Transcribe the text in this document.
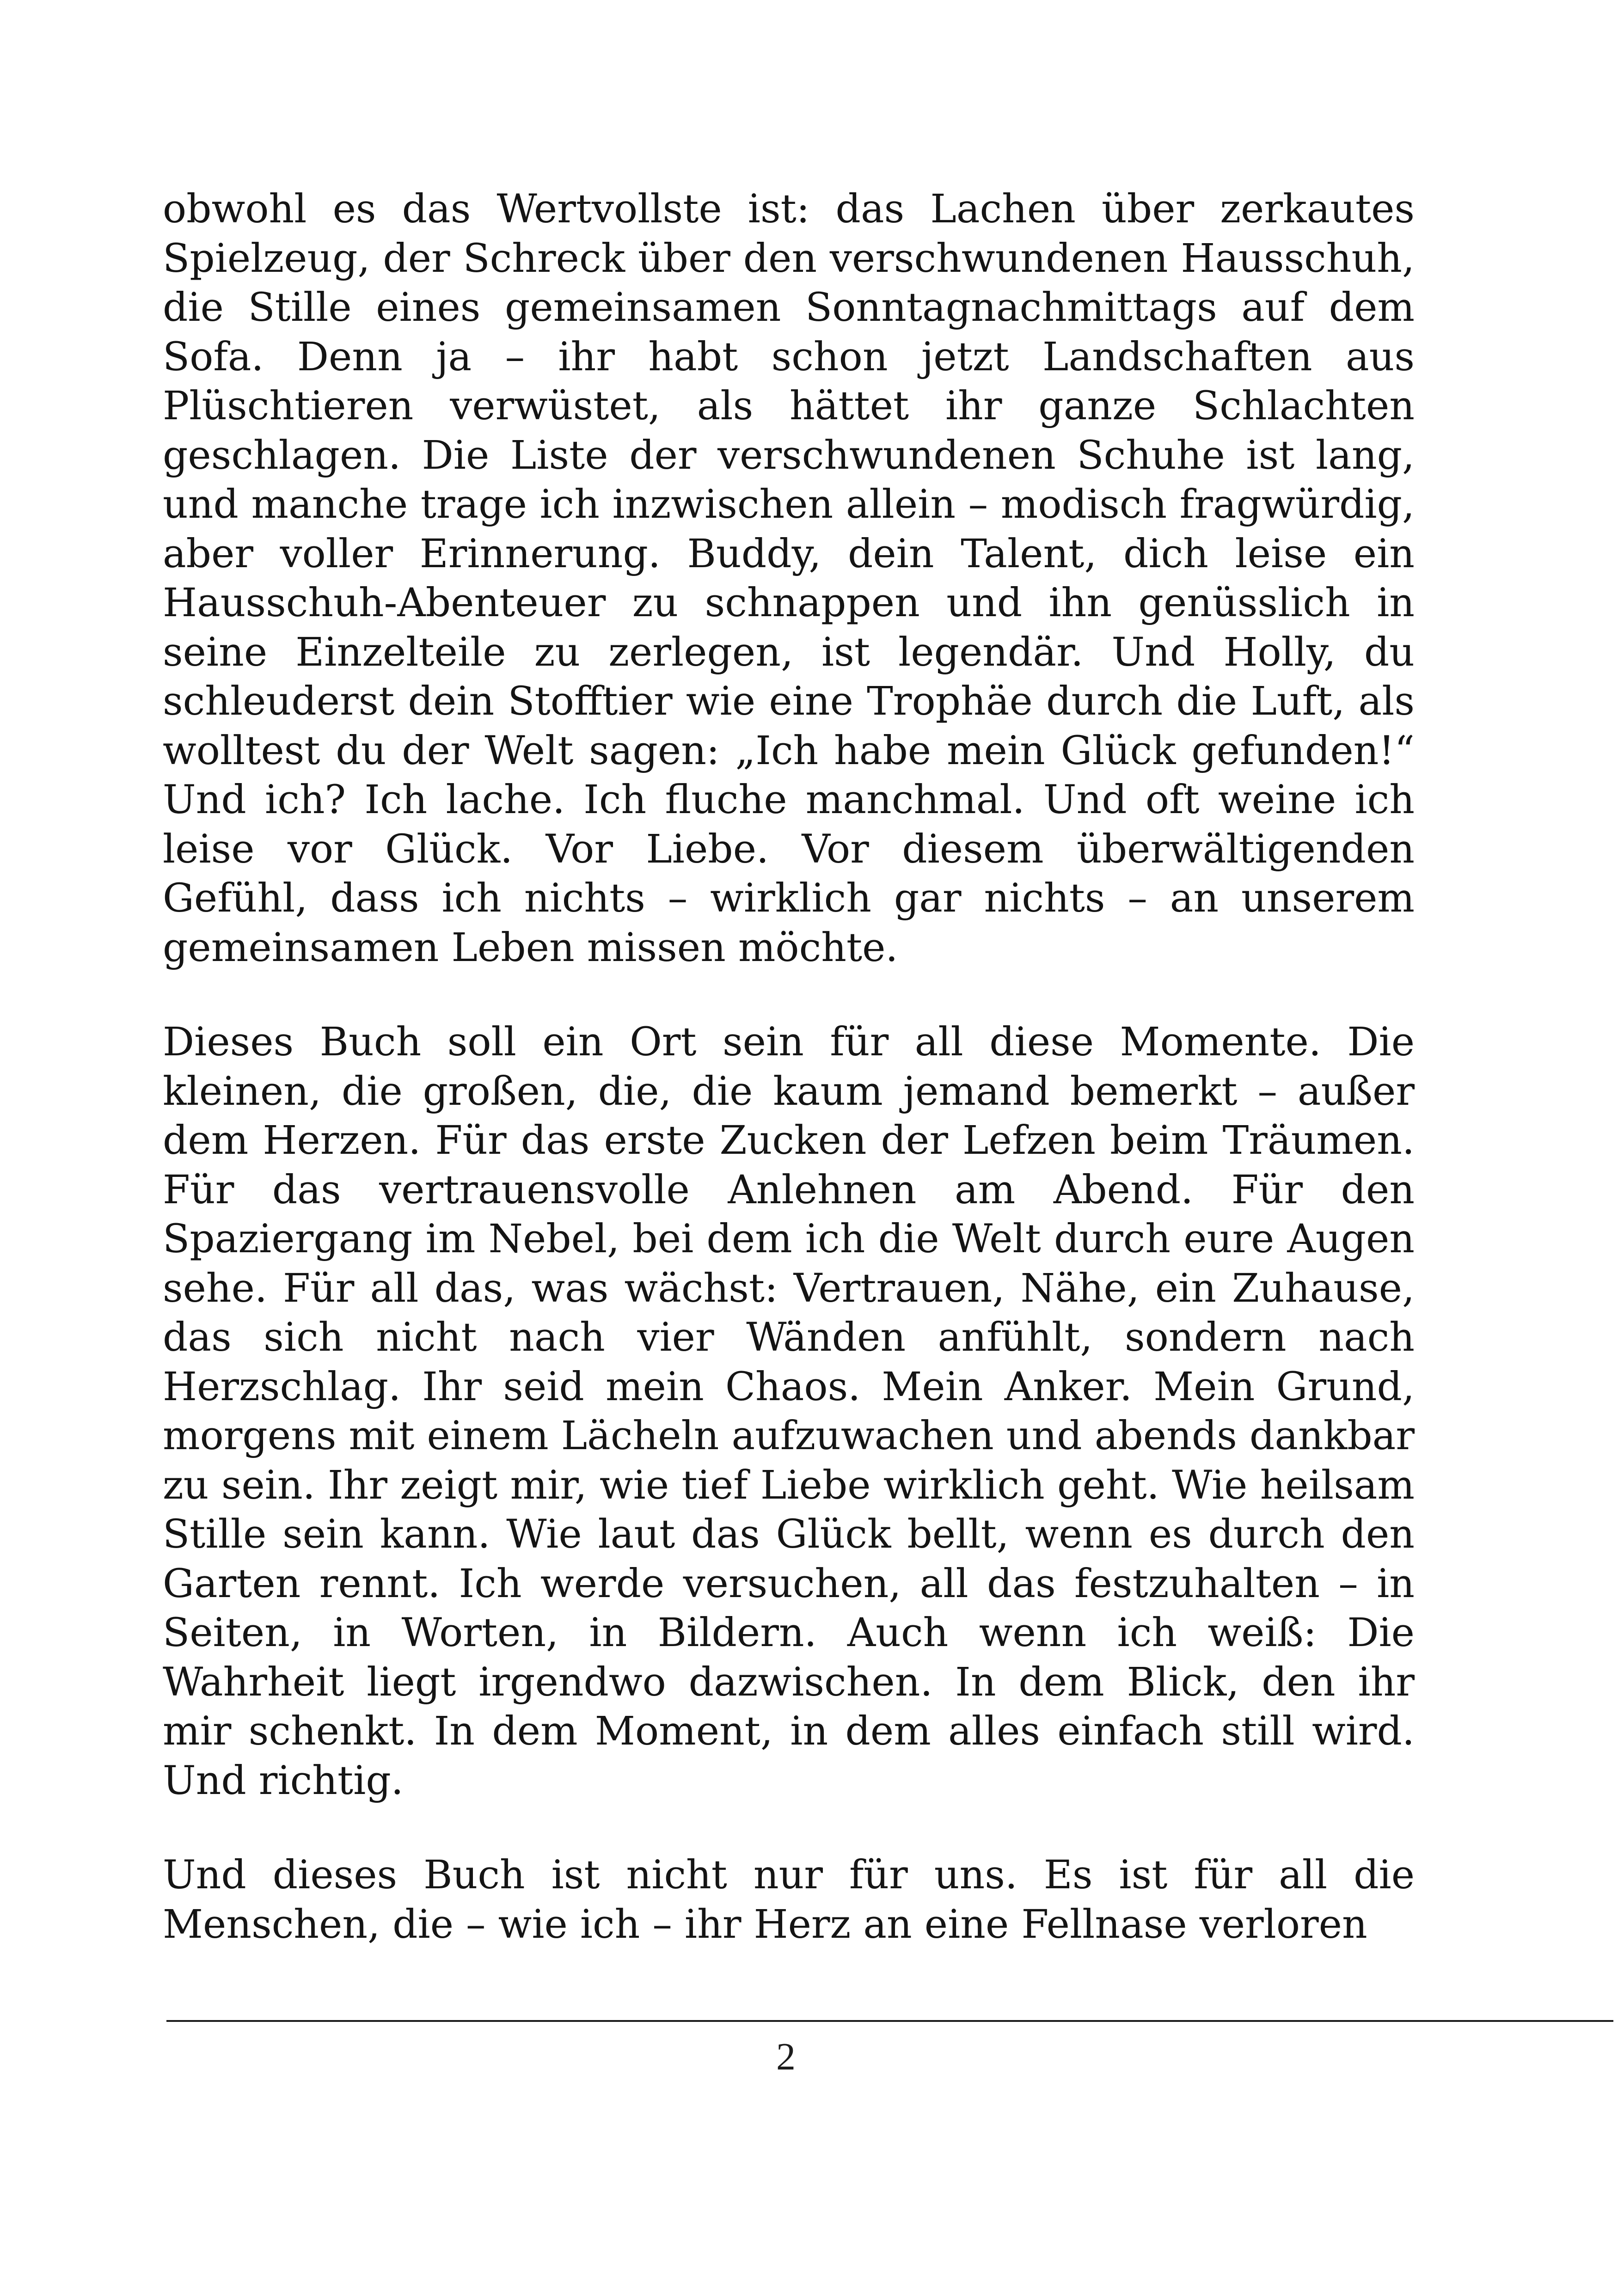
obwohl es das Wertvollste ist: das Lachen über zerkautes Spielzeug, der Schreck über den verschwundenen Hausschuh, die Stille eines gemeinsamen Sonntagnachmittags auf dem Sofa. Denn ja – ihr habt schon jetzt Landschaften aus Plüschtieren verwüstet, als hättet ihr ganze Schlachten geschlagen. Die Liste der verschwundenen Schuhe ist lang, und manche trage ich inzwischen allein – modisch fragwürdig, aber voller Erinnerung. Buddy, dein Talent, dich leise ein Hausschuh-Abenteuer zu schnappen und ihn genüsslich in seine Einzelteile zu zerlegen, ist legendär. Und Holly, du schleuderst dein Stofftier wie eine Trophäe durch die Luft, als wolltest du der Welt sagen: „Ich habe mein Glück gefunden!“ Und ich? Ich lache. Ich fluche manchmal. Und oft weine ich leise vor Glück. Vor Liebe. Vor diesem überwältigenden Gefühl, dass ich nichts – wirklich gar nichts – an unserem gemeinsamen Leben missen möchte.

Dieses Buch soll ein Ort sein für all diese Momente. Die kleinen, die großen, die, die kaum jemand bemerkt – außer dem Herzen. Für das erste Zucken der Lefzen beim Träumen. Für das vertrauensvolle Anlehnen am Abend. Für den Spaziergang im Nebel, bei dem ich die Welt durch eure Augen sehe. Für all das, was wächst: Vertrauen, Nähe, ein Zuhause, das sich nicht nach vier Wänden anfühlt, sondern nach Herzschlag. Ihr seid mein Chaos. Mein Anker. Mein Grund, morgens mit einem Lächeln aufzuwachen und abends dankbar zu sein. Ihr zeigt mir, wie tief Liebe wirklich geht. Wie heilsam Stille sein kann. Wie laut das Glück bellt, wenn es durch den Garten rennt. Ich werde versuchen, all das festzuhalten – in Seiten, in Worten, in Bildern. Auch wenn ich weiß: Die Wahrheit liegt irgendwo dazwischen. In dem Blick, den ihr mir schenkt. In dem Moment, in dem alles einfach still wird. Und richtig.

Und dieses Buch ist nicht nur für uns. Es ist für all die Menschen, die – wie ich – ihr Herz an eine Fellnase verloren

2
